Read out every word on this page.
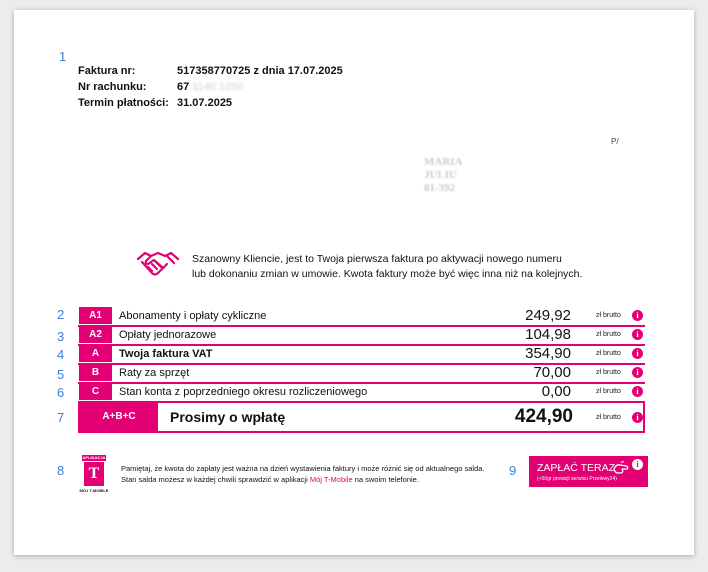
1
2
3
4
5
6
7
8	9
Faktura nr:	517358770725 z dnia 17.07.2025
Nr rachunku:	67 1140 1250
Termin płatności: 31.07.2025
P/
MARIA
JULIU
81-392
Szanowny Kliencie, jest to Twoja pierwsza faktura po aktywacji nowego numeru
lub dokonaniu zmian w umowie. Kwota faktury może być więc inna niż na kolejnych.
A1	Abonamenty i opłaty cykliczne	249,92	zł brutto	i
A2	Opłaty jednorazowe	104,98	zł brutto	i
A	Twoja faktura VAT	354,90	zł brutto	i
B	Raty za sprzęt	70,00	zł brutto	i
C	Stan konta z poprzedniego okresu rozliczeniowego	0,00	zł brutto	i
A+B+C	Prosimy o wpłatę	424,90	zł brutto	i
APLIKACJA
T
MÓJ T-MOBILE
Pamiętaj, że kwota do zapłaty jest ważna na dzień wystawienia faktury i może różnić się od aktualnego salda.
Stan salda możesz w każdej chwili sprawdzić w aplikacji Mój T-Mobile na swoim telefonie.
ZAPŁAĆ TERAZ
(+50gr prowizji serwisu Przelewy24)
i
